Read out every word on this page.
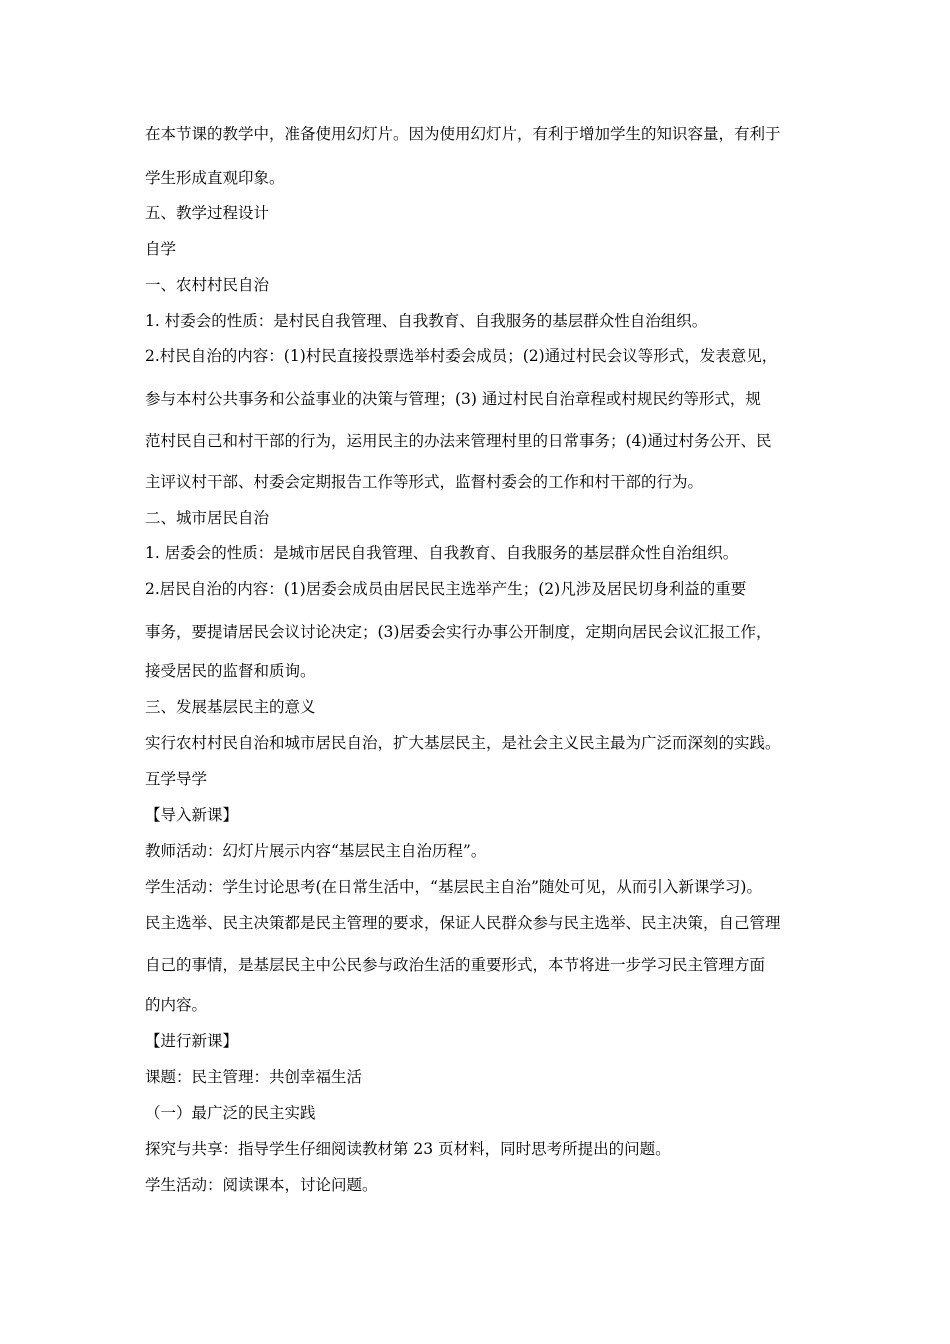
在本节课的教学中，准备使用幻灯片。因为使用幻灯片，有利于增加学生的知识容量，有利于
学生形成直观印象。
五、教学过程设计
自学
一、农村村民自治
1. 村委会的性质：是村民自我管理、自我教育、自我服务的基层群众性自治组织。
2.村民自治的内容：(1)村民直接投票选举村委会成员；(2)通过村民会议等形式，发表意见，
参与本村公共事务和公益事业的决策与管理；(3) 通过村民自治章程或村规民约等形式，规
范村民自己和村干部的行为，运用民主的办法来管理村里的日常事务；(4)通过村务公开、民
主评议村干部、村委会定期报告工作等形式，监督村委会的工作和村干部的行为。
二、城市居民自治
1. 居委会的性质：是城市居民自我管理、自我教育、自我服务的基层群众性自治组织。
2.居民自治的内容：(1)居委会成员由居民民主选举产生；(2)凡涉及居民切身利益的重要
事务，要提请居民会议讨论决定；(3)居委会实行办事公开制度，定期向居民会议汇报工作，
接受居民的监督和质询。
三、发展基层民主的意义
实行农村村民自治和城市居民自治，扩大基层民主，是社会主义民主最为广泛而深刻的实践。
互学导学
【导入新课】
教师活动：幻灯片展示内容“基层民主自治历程”。
学生活动：学生讨论思考(在日常生活中，“基层民主自治”随处可见，从而引入新课学习)。
民主选举、民主决策都是民主管理的要求，保证人民群众参与民主选举、民主决策，自己管理
自己的事情，是基层民主中公民参与政治生活的重要形式，本节将进一步学习民主管理方面
的内容。
【进行新课】
课题：民主管理：共创幸福生活
（一）最广泛的民主实践
探究与共享：指导学生仔细阅读教材第 23 页材料，同时思考所提出的问题。
学生活动：阅读课本，讨论问题。
